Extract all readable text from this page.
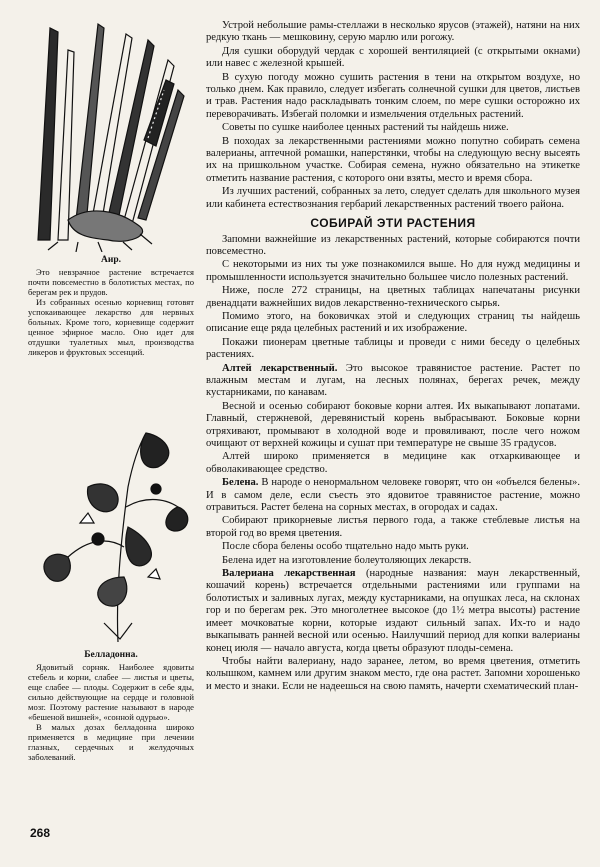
Аир.

Это невзрачное растение встречается почти повсеместно в болотистых местах, по берегам рек и прудов.

Из собранных осенью корневищ готовят успокаивающее лекарство для нервных больных. Кроме того, корневище содержит ценное эфирное масло. Оно идет для отдушки туалетных мыл, производства ликеров и фруктовых эссенций.

Белладонна.

Ядовитый сорняк. Наиболее ядовиты стебель и корни, слабее — листья и цветы, еще слабее — плоды. Содержит в себе яды, сильно действующие на сердце и головной мозг. Поэтому растение называют в народе «бешеной вишней», «сонной одурью».

В малых дозах белладонна широко применяется в медицине при лечении глазных, сердечных и желудочных заболеваний.

Устрой небольшие рамы-стеллажи в несколько ярусов (этажей), натяни на них редкую ткань — мешковину, серую марлю или рогожу.

Для сушки оборудуй чердак с хорошей вентиляцией (с открытыми окнами) или навес с железной крышей.

В сухую погоду можно сушить растения в тени на открытом воздухе, но только днем. Как правило, следует избегать солнечной сушки для цветов, листьев и трав. Растения надо раскладывать тонким слоем, по мере сушки осторожно их переворачивать. Избегай поломки и измельчения отдельных растений.

Советы по сушке наиболее ценных растений ты найдешь ниже.

В походах за лекарственными растениями можно попутно собирать семена валерианы, аптечной ромашки, наперстянки, чтобы на следующую весну высеять их на пришкольном участке. Собирая семена, нужно обязательно на этикетке отметить название растения, с которого они взяты, место и время сбора.

Из лучших растений, собранных за лето, следует сделать для школьного музея или кабинета естествознания гербарий лекарственных растений твоего района.

СОБИРАЙ ЭТИ РАСТЕНИЯ

Запомни важнейшие из лекарственных растений, которые собираются почти повсеместно.

С некоторыми из них ты уже познакомился выше. Но для нужд медицины и промышленности используется значительно большее число полезных растений.

Ниже, после 272 страницы, на цветных таблицах напечатаны рисунки двенадцати важнейших видов лекарственно-технического сырья.

Помимо этого, на боковичках этой и следующих страниц ты найдешь описание еще ряда целебных растений и их изображение.

Покажи пионерам цветные таблицы и проведи с ними беседу о целебных растениях.

Алтей лекарственный. Это высокое травянистое растение. Растет по влажным местам и лугам, на лесных полянах, берегах речек, между кустарниками, по канавам.

Весной и осенью собирают боковые корни алтея. Их выкапывают лопатами. Главный, стержневой, деревянистый корень выбрасывают. Боковые корни отряхивают, промывают в холодной воде и провяливают, после чего ножом очищают от верхней кожицы и сушат при температуре не свыше 35 градусов.

Алтей широко применяется в медицине как отхаркивающее и обволакивающее средство.

Белена. В народе о ненормальном человеке говорят, что он «объелся белены». И в самом деле, если съесть это ядовитое травянистое растение, можно отравиться. Растет белена на сорных местах, в огородах и садах.

Собирают прикорневые листья первого года, а также стеблевые листья на второй год во время цветения.

После сбора белены особо тщательно надо мыть руки.

Белена идет на изготовление болеутоляющих лекарств.

Валериана лекарственная (народные названия: маун лекарственный, кошачий корень) встречается отдельными растениями или группами на болотистых и заливных лугах, между кустарниками, на опушках леса, на склонах гор и по берегам рек. Это многолетнее высокое (до 1½ метра высоты) растение имеет мочковатые корни, которые издают сильный запах. Их-то и надо выкапывать ранней весной или осенью. Наилучший период для копки валерианы конец июля — начало августа, когда цветы образуют плоды-семена.

Чтобы найти валериану, надо заранее, летом, во время цветения, отметить колышком, камнем или другим знаком место, где она растет. Запомни хорошенько и место и знаки. Если не надеешься на свою память, начерти схематический план-

268
